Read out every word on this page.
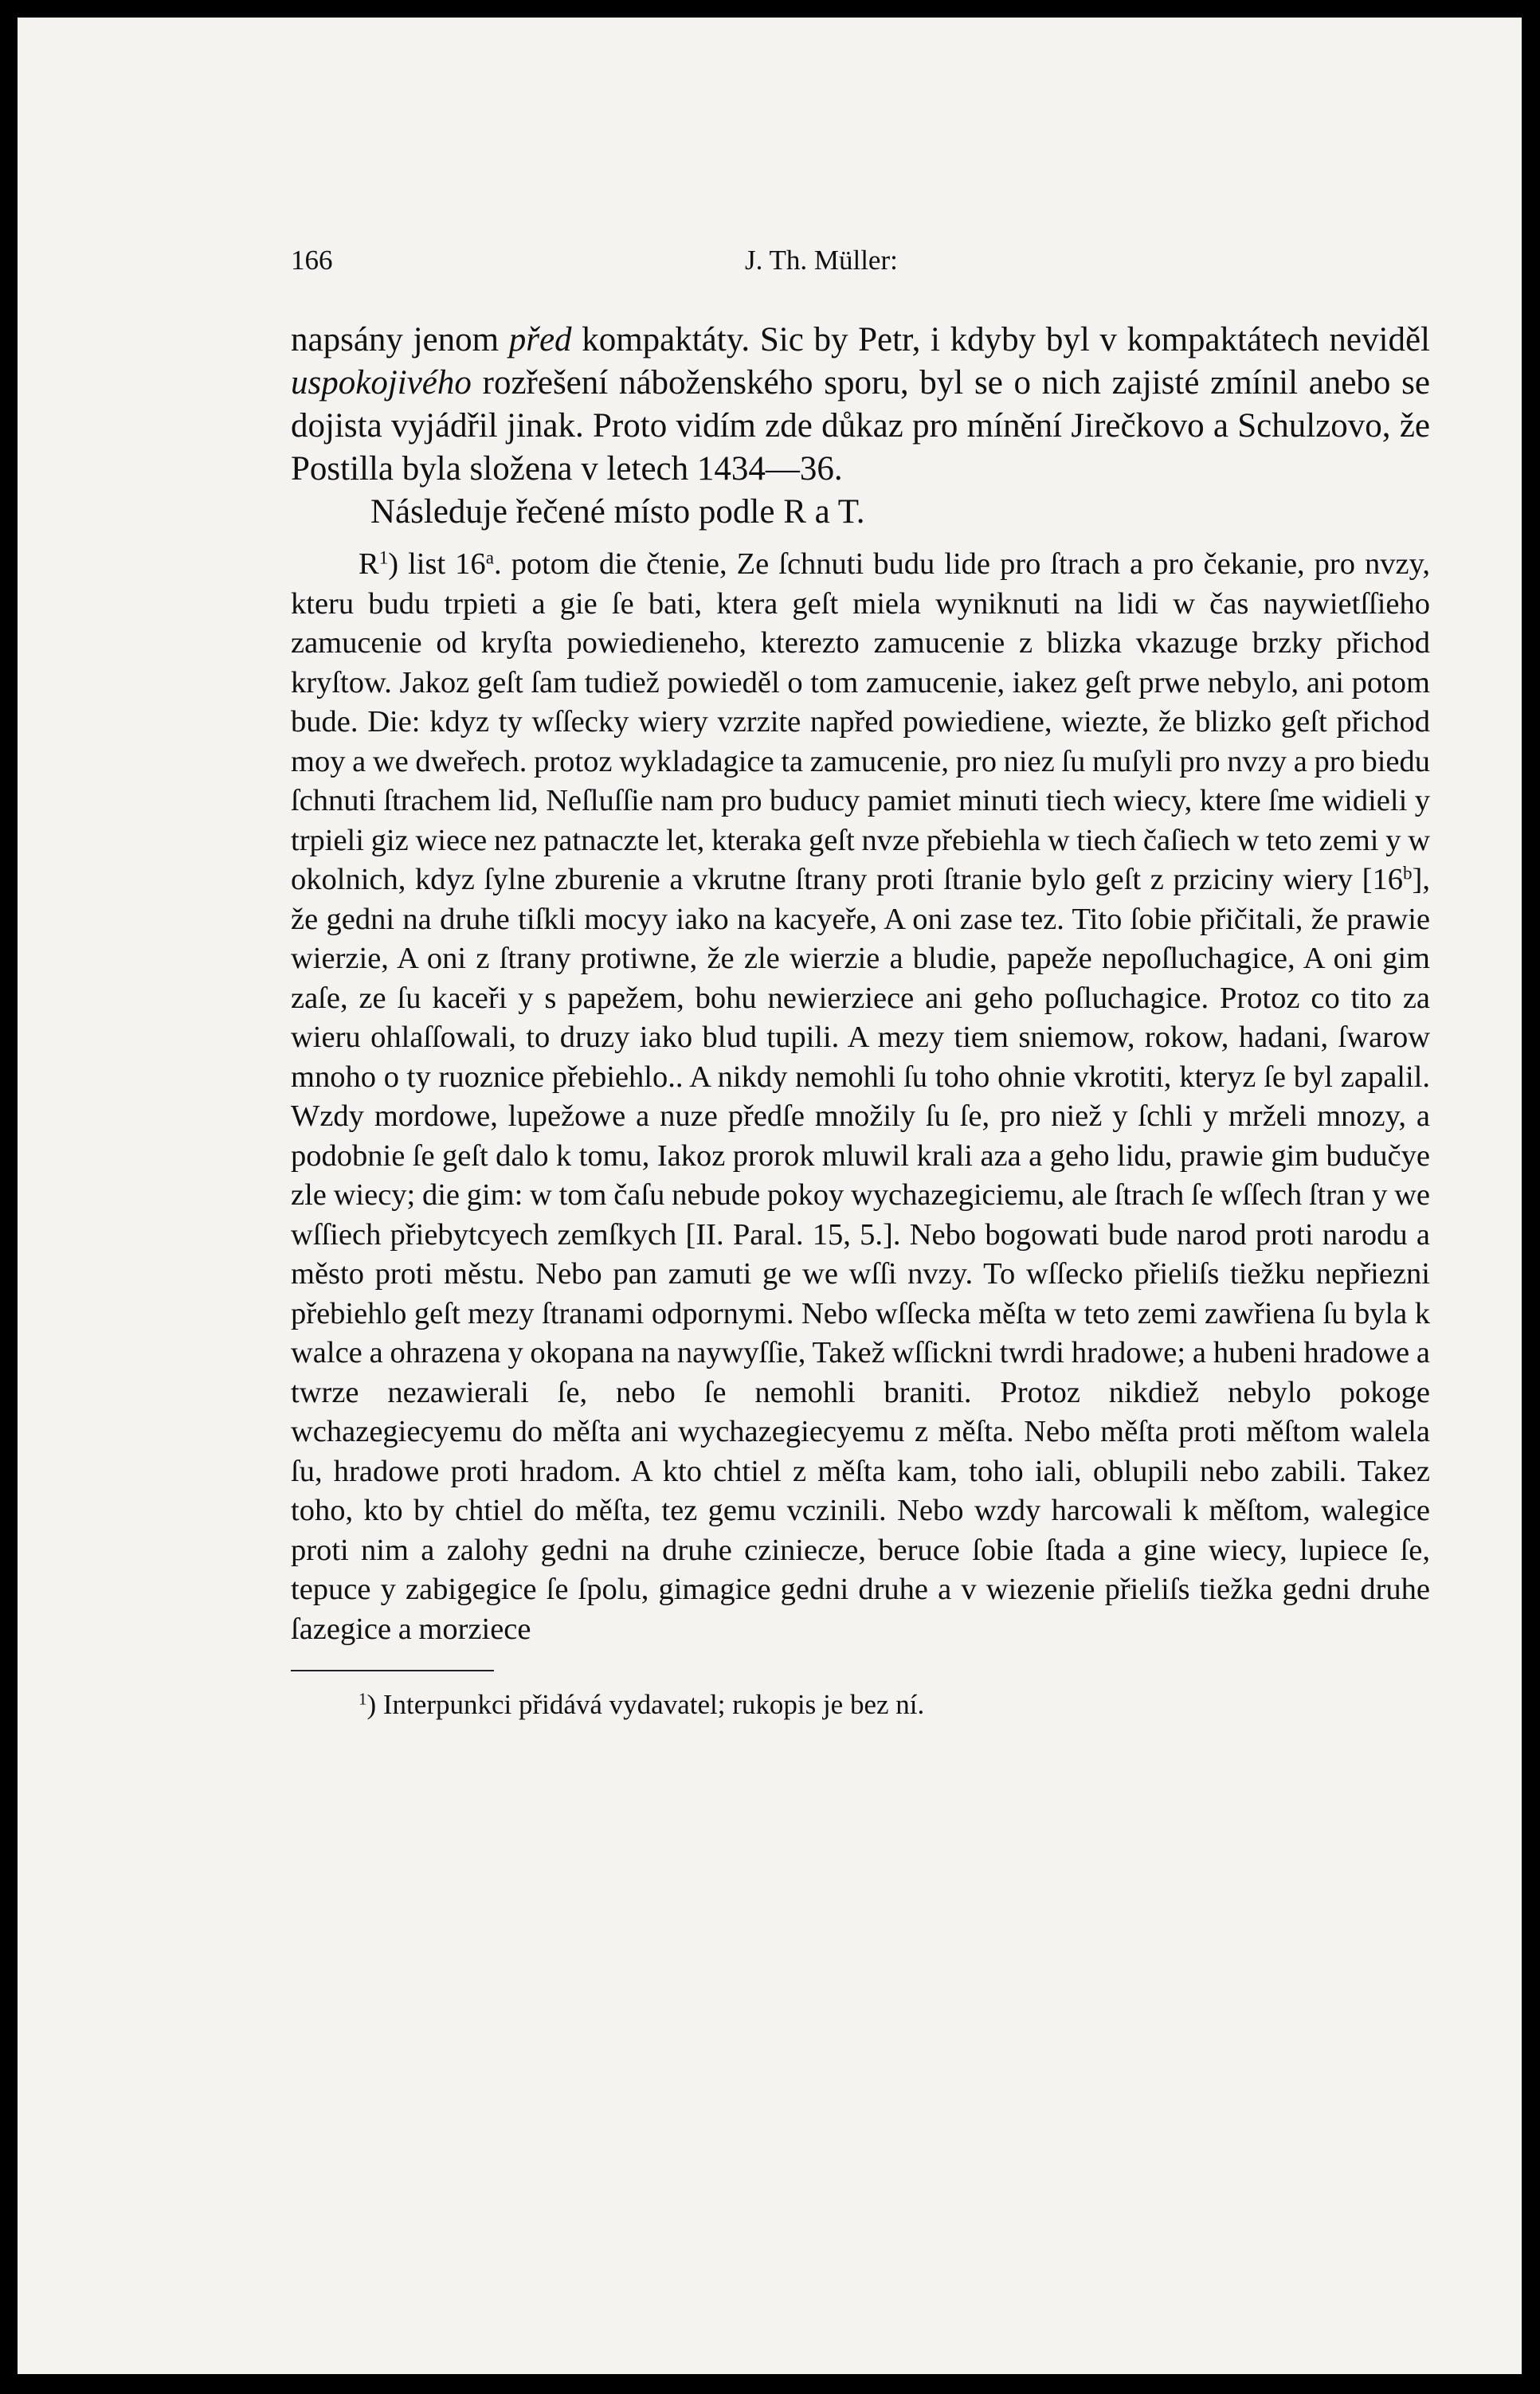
166	J. Th. Müller:

napsány jenom před kompaktáty. Sic by Petr, i kdyby byl v kompaktátech neviděl uspokojivého rozřešení náboženského sporu, byl se o nich zajisté zmínil anebo se dojista vyjádřil jinak. Proto vidím zde důkaz pro mínění Jirečkovo a Schulzovo, že Postilla byla složena v letech 1434—36.

Následuje řečené místo podle R a T.

$R^1$) list 16$^a$. potom die čtenie, Ze ſchnuti budu lide pro ſtrach a pro čekanie, pro nvzy, kteru budu trpieti a gie ſe bati, ktera geſt miela wyniknuti na lidi w čas naywietſſieho zamucenie od kryſta powiedieneho, kterezto zamucenie z blizka vkazuge brzky přichod kryſtow. Jakoz geſt ſam tudiež powieděl o tom zamucenie, iakez geſt prwe nebylo, ani potom bude. Die: kdyz ty wſſecky wiery vzrzite napřed powiediene, wiezte, že blizko geſt přichod moy a we dweřech. protoz wykladagice ta zamucenie, pro niez ſu muſyli pro nvzy a pro biedu ſchnuti ſtrachem lid, Neſluſſie nam pro buducy pamiet minuti tiech wiecy, ktere ſme widieli y trpieli giz wiece nez patnaczte let, kteraka geſt nvze přebiehla w tiech čaſiech w teto zemi y w okolnich, kdyz ſylne zburenie a vkrutne ſtrany proti ſtranie bylo geſt z prziciny wiery [16$^b$], že gedni na druhe tiſkli mocyy iako na kacyeře, A oni zase tez. Tito ſobie přičitali, že prawie wierzie, A oni z ſtrany protiwne, že zle wierzie a bludie, papeže nepoſluchagice, A oni gim zaſe, ze ſu kaceři y s papežem, bohu newierziece ani geho poſluchagice. Protoz co tito za wieru ohlaſſowali, to druzy iako blud tupili. A mezy tiem sniemow, rokow, hadani, ſwarow mnoho o ty ruoznice přebiehlo.. A nikdy nemohli ſu toho ohnie vkrotiti, kteryz ſe byl zapalil. Wzdy mordowe, lupežowe a nuze předſe množily ſu ſe, pro niež y ſchli y mrželi mnozy, a podobnie ſe geſt dalo k tomu, Iakoz prorok mluwil krali aza a geho lidu, prawie gim budučye zle wiecy; die gim: w tom čaſu nebude pokoy wychazegiciemu, ale ſtrach ſe wſſech ſtran y we wſſiech přiebytcyech zemſkych [II. Paral. 15, 5.]. Nebo bogowati bude narod proti narodu a město proti městu. Nebo pan zamuti ge we wſſi nvzy. To wſſecko přieliſs tiežku nepřiezni přebiehlo geſt mezy ſtranami odpornymi. Nebo wſſecka měſta w teto zemi zawřiena ſu byla k walce a ohrazena y okopana na naywyſſie, Takež wſſickni twrdi hradowe; a hubeni hradowe a twrze nezawierali ſe, nebo ſe nemohli braniti. Protoz nikdiež nebylo pokoge wchazegiecyemu do měſta ani wychazegiecyemu z měſta. Nebo měſta proti měſtom walela ſu, hradowe proti hradom. A kto chtiel z měſta kam, toho iali, oblupili nebo zabili. Takez toho, kto by chtiel do měſta, tez gemu vczinili. Nebo wzdy harcowali k měſtom, walegice proti nim a zalohy gedni na druhe cziniecze, beruce ſobie ſtada a gine wiecy, lupiece ſe, tepuce y zabigegice ſe ſpolu, gimagice gedni druhe a v wiezenie přieliſs tiežka gedni druhe ſazegice a morziece

$^1$) Interpunkci přidává vydavatel; rukopis je bez ní.
